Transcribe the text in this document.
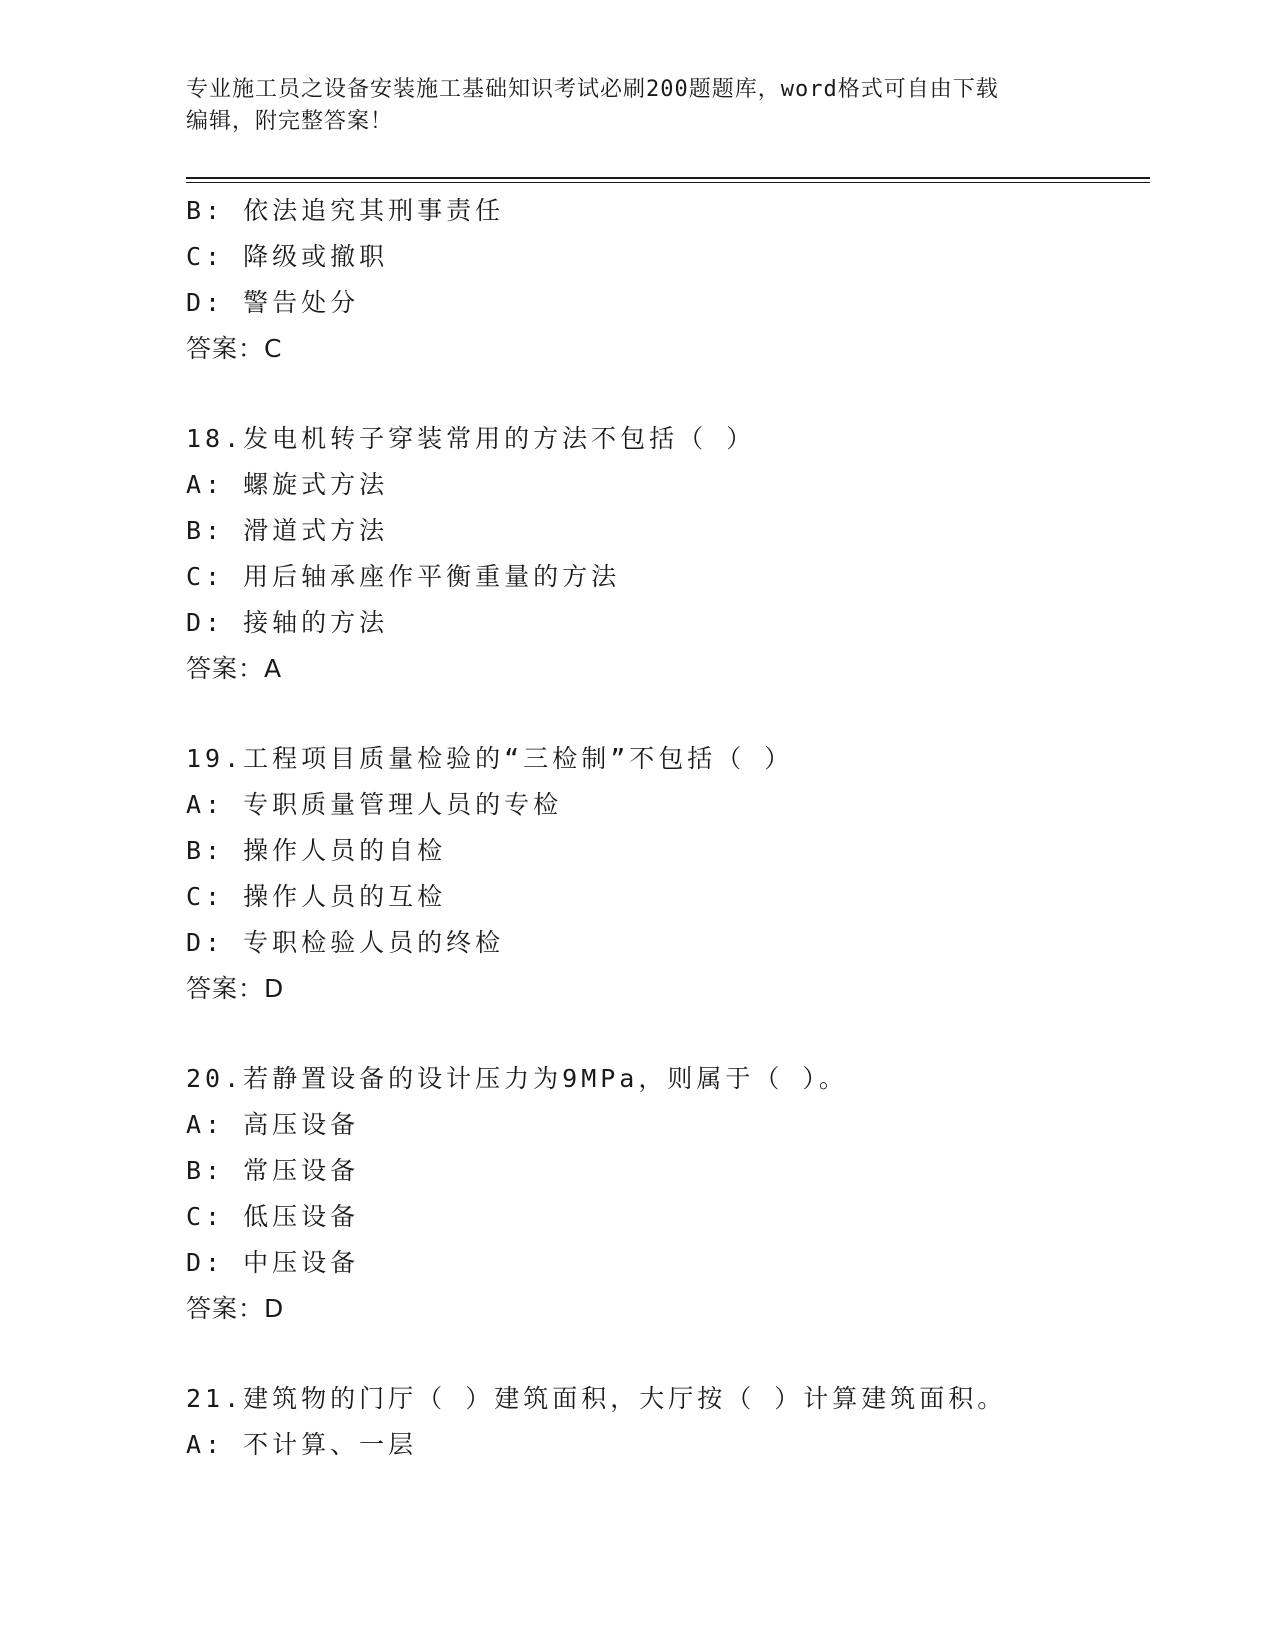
专业施工员之设备安装施工基础知识考试必刷200题题库，word格式可自由下载
编辑，附完整答案！
B: 依法追究其刑事责任
C: 降级或撤职
D: 警告处分
答案：C
18.发电机转子穿装常用的方法不包括（ ）
A: 螺旋式方法
B: 滑道式方法
C: 用后轴承座作平衡重量的方法
D: 接轴的方法
答案：A
19.工程项目质量检验的“三检制”不包括（ ）
A: 专职质量管理人员的专检
B: 操作人员的自检
C: 操作人员的互检
D: 专职检验人员的终检
答案：D
20.若静置设备的设计压力为9MPa，则属于（ ）。
A: 高压设备
B: 常压设备
C: 低压设备
D: 中压设备
答案：D
21.建筑物的门厅（ ）建筑面积，大厅按（ ）计算建筑面积。
A: 不计算、一层
